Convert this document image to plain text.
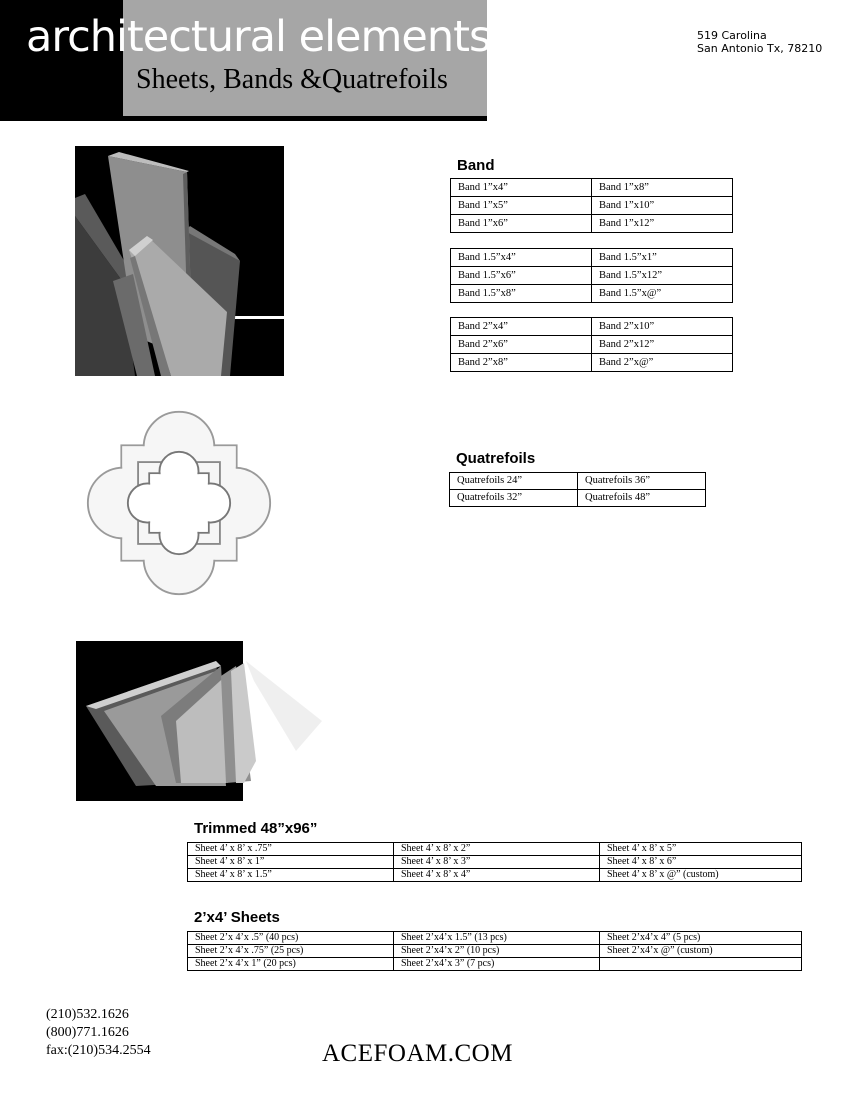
architectural elements
Sheets, Bands &Quatrefoils
519 Carolina
San Antonio Tx, 78210
Band
Band 1”x4”	Band 1”x8”
Band 1”x5”	Band 1”x10”
Band 1”x6”	Band 1”x12”
Band 1.5”x4”	Band 1.5”x1”
Band 1.5”x6”	Band 1.5”x12”
Band 1.5”x8”	Band 1.5”x@”
Band 2”x4”	Band 2”x10”
Band 2”x6”	Band 2”x12”
Band 2”x8”	Band 2”x@”
Quatrefoils
Quatrefoils 24”	Quatrefoils 36”
Quatrefoils 32”	Quatrefoils 48”
Trimmed 48”x96”
Sheet 4’ x 8’ x .75”	Sheet 4’ x 8’ x 2”	Sheet 4’ x 8’ x 5”
Sheet 4’ x 8’ x 1”	Sheet 4’ x 8’ x 3”	Sheet 4’ x 8’ x 6”
Sheet 4’ x 8’ x 1.5”	Sheet 4’ x 8’ x 4”	Sheet 4’ x 8’ x @” (custom)
2’x4’ Sheets
Sheet 2’x 4’x .5” (40 pcs)	Sheet 2’x4’x 1.5” (13 pcs)	Sheet 2’x4’x 4” (5 pcs)
Sheet 2’x 4’x .75” (25 pcs)	Sheet 2’x4’x 2” (10 pcs)	Sheet 2’x4’x @” (custom)
Sheet 2’x 4’x 1” (20 pcs)	Sheet 2’x4’x 3” (7 pcs)	
(210)532.1626
(800)771.1626
fax:(210)534.2554	ACEFOAM.COM
